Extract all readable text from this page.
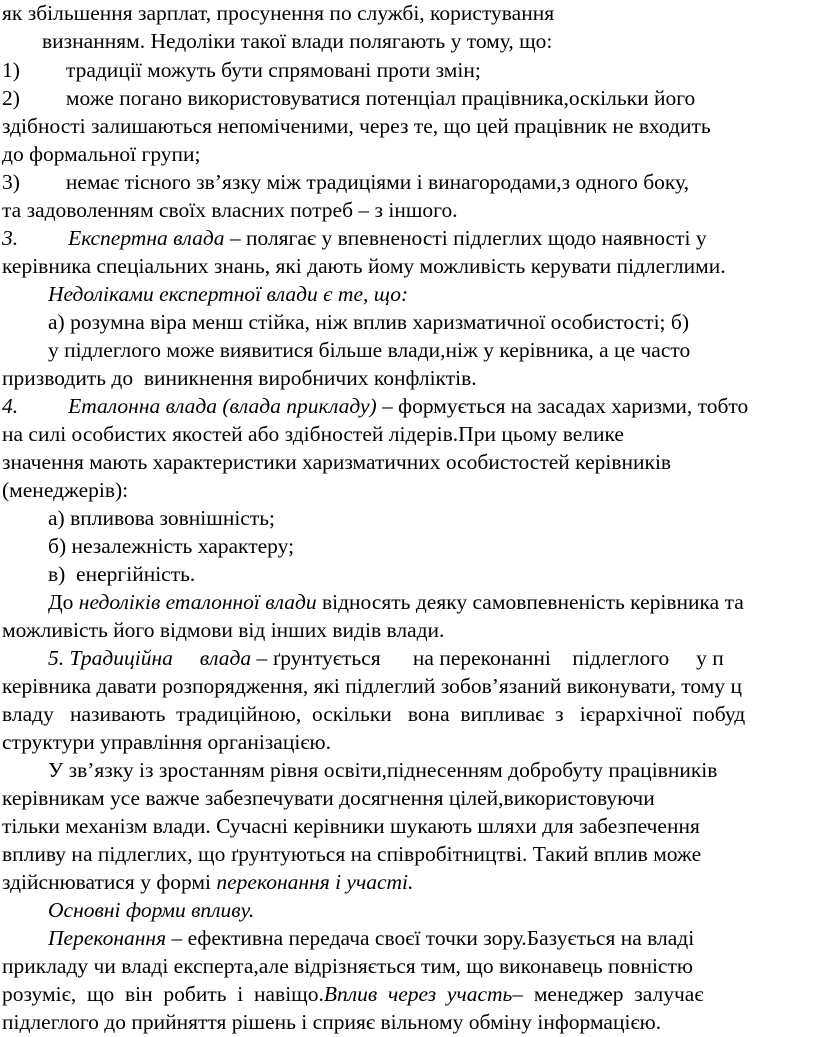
як збільшення зарплат, просунення по службі, користування
визнанням. Недоліки такої влади полягають у тому, що:
1) традиції можуть бути спрямовані проти змін;
2) може погано використовуватися потенціал працівника,оскільки його
здібності залишаються непоміченими, через те, що цей працівник не входить
до формальної групи;
3) немає тісного зв’язку між традиціями і винагородами,з одного боку,
та задоволенням своїх власних потреб – з іншого.
3. Експертна влада – полягає у впевненості підлеглих щодо наявності у
керівника спеціальних знань, які дають йому можливість керувати підлеглими.
Недоліками експертної влади є те, що:
а) розумна віра менш стійка, ніж вплив харизматичної особистості; б)
у підлеглого може виявитися більше влади,ніж у керівника, а це часто
призводить до  виникнення виробничих конфліктів.
4. Еталонна влада (влада прикладу) – формується на засадах харизми, тобто
на силі особистих якостей або здібностей лідерів.При цьому велике
значення мають характеристики харизматичних особистостей керівників
(менеджерів):
а) впливова зовнішність;
б) незалежність характеру;
в)  енергійність.
До недоліків еталонної влади відносять деяку самовпевненість керівника та
можливість його відмови від інших видів влади.
5. Традиційна     влада – ґрунтується      на переконанні    підлеглого     у п
керівника давати розпорядження, які підлеглий зобов’язаний виконувати, тому ц
владу   називають  традиційною,  оскільки   вона  випливає  з   ієрархічної  побуд
структури управління організацією.
У зв’язку із зростанням рівня освіти,піднесенням добробуту працівників
керівникам усе важче забезпечувати досягнення цілей,використовуючи
тільки механізм влади. Сучасні керівники шукають шляхи для забезпечення
впливу на підлеглих, що ґрунтуються на співробітництві. Такий вплив може
здійснюватися у формі переконання і участі.
Основні форми впливу.
Переконання – ефективна передача своєї точки зору.Базується на владі
прикладу чи владі експерта,але відрізняється тим, що виконавець повністю
розуміє,  що  він  робить  і  навіщо.Вплив  через  участь–  менеджер  залучає
підлеглого до прийняття рішень і сприяє вільному обміну інформацією.
